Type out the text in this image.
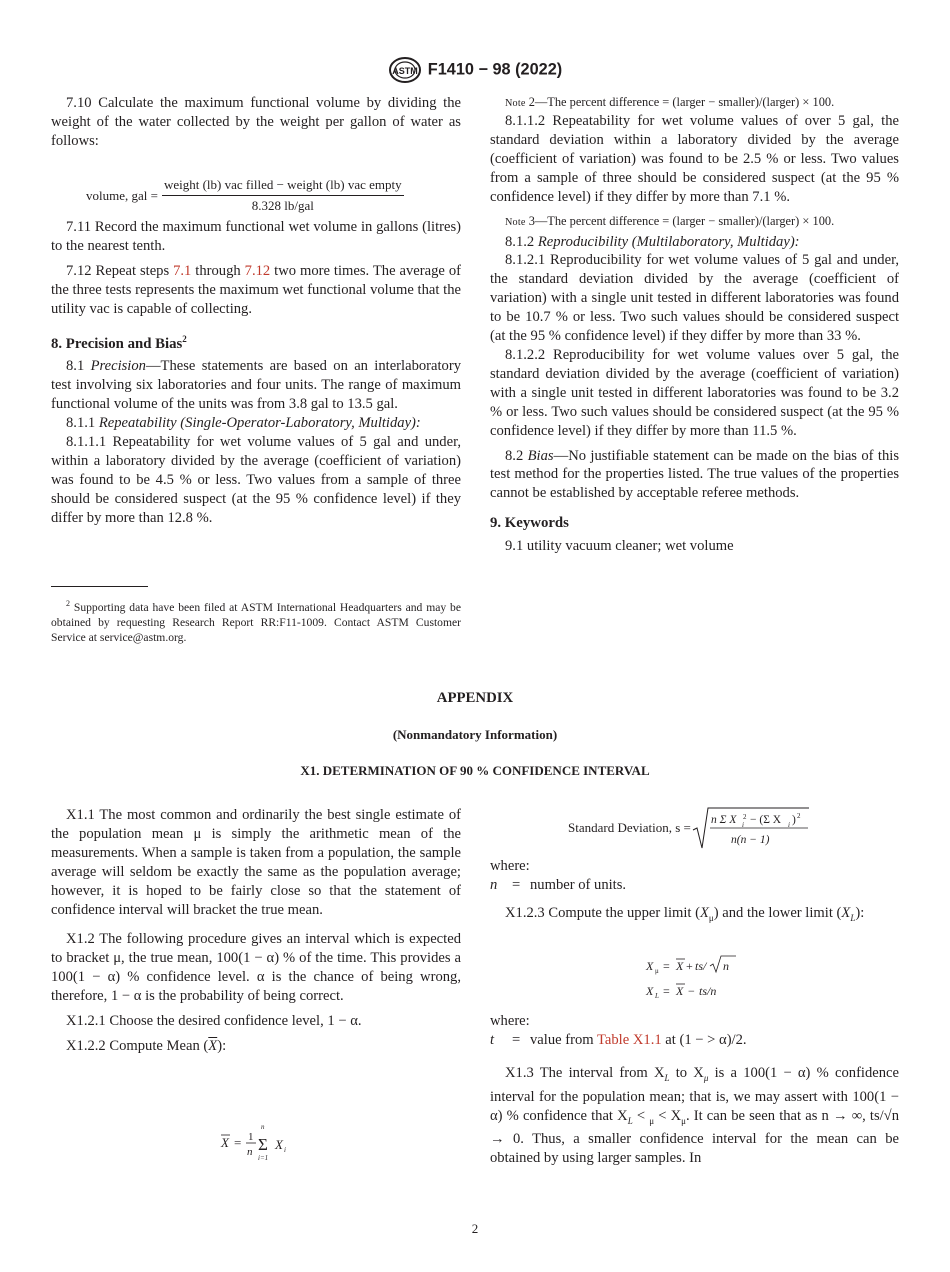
ASTM F1410 − 98 (2022)

7.10 Calculate the maximum functional volume by dividing the weight of the water collected by the weight per gallon of water as follows:

volume, gal = $\frac{\text{weight (lb) vac filled − weight (lb) vac empty}}{\text{8.328 lb/gal}}$

7.11 Record the maximum functional wet volume in gallons (litres) to the nearest tenth.

7.12 Repeat steps 7.1 through 7.12 two more times. The average of the three tests represents the maximum wet functional volume that the utility vac is capable of collecting.

8. Precision and Bias$^2$

8.1 Precision—These statements are based on an interlaboratory test involving six laboratories and four units. The range of maximum functional volume of the units was from 3.8 gal to 13.5 gal.

8.1.1 Repeatability (Single-Operator-Laboratory, Multiday):

8.1.1.1 Repeatability for wet volume values of 5 gal and under, within a laboratory divided by the average (coefficient of variation) was found to be 4.5 % or less. Two values from a sample of three should be considered suspect (at the 95 % confidence level) if they differ by more than 12.8 %.

$^2$ Supporting data have been filed at ASTM International Headquarters and may be obtained by requesting Research Report RR:F11-1009. Contact ASTM Customer Service at service@astm.org.

Note 2—The percent difference = (larger − smaller)/(larger) × 100.

8.1.1.2 Repeatability for wet volume values of over 5 gal, the standard deviation within a laboratory divided by the average (coefficient of variation) was found to be 2.5 % or less. Two values from a sample of three should be considered suspect (at the 95 % confidence level) if they differ by more than 7.1 %.

Note 3—The percent difference = (larger − smaller)/(larger) × 100.

8.1.2 Reproducibility (Multilaboratory, Multiday):

8.1.2.1 Reproducibility for wet volume values of 5 gal and under, the standard deviation divided by the average (coefficient of variation) with a single unit tested in different laboratories was found to be 10.7 % or less. Two such values should be considered suspect (at the 95 % confidence level) if they differ by more than 33 %.

8.1.2.2 Reproducibility for wet volume values over 5 gal, the standard deviation divided by the average (coefficient of variation) with a single unit tested in different laboratories was found to be 3.2 % or less. Two such values should be considered suspect (at the 95 % confidence level) if they differ by more than 11.5 %.

8.2 Bias—No justifiable statement can be made on the bias of this test method for the properties listed. The true values of the properties cannot be established by acceptable referee methods.

9. Keywords

9.1 utility vacuum cleaner; wet volume

APPENDIX
(Nonmandatory Information)
X1. DETERMINATION OF 90 % CONFIDENCE INTERVAL

X1.1 The most common and ordinarily the best single estimate of the population mean μ is simply the arithmetic mean of the measurements. When a sample is taken from a population, the sample average will seldom be exactly the same as the population average; however, it is hoped to be fairly close so that the statement of confidence interval will bracket the true mean.

X1.2 The following procedure gives an interval which is expected to bracket μ, the true mean, 100(1 − α) % of the time. This provides a 100(1 − α) % confidence level. α is the chance of being wrong, therefore, 1 − α is the probability of being correct.

X1.2.1 Choose the desired confidence level, 1 − α.

X1.2.2 Compute Mean $(\overline{X})$:

X = 1
n
n
Σ
i=1
X i
Standard Deviation, s = n Σ X 2
i − (Σ X i ) 2
n(n − 1)

where:

n	= number of units.

X1.2.3 Compute the upper limit $(X_\mu)$ and the lower limit $(X_L)$:

X μ = X + ts/ n
X L = X − ts/n

where:

t	= value from Table X1.1 at (1 − > α)/2.

X1.3 The interval from $X_L$ to $X_\mu$ is a 100(1 − α) % confidence interval for the population mean; that is, we may assert with 100(1 − α) % confidence that $X_L < _\mu < X_\mu$. It can be seen that as n → ∞, ts/√n → 0. Thus, a smaller confidence interval for the mean can be obtained by using larger samples. In

2
